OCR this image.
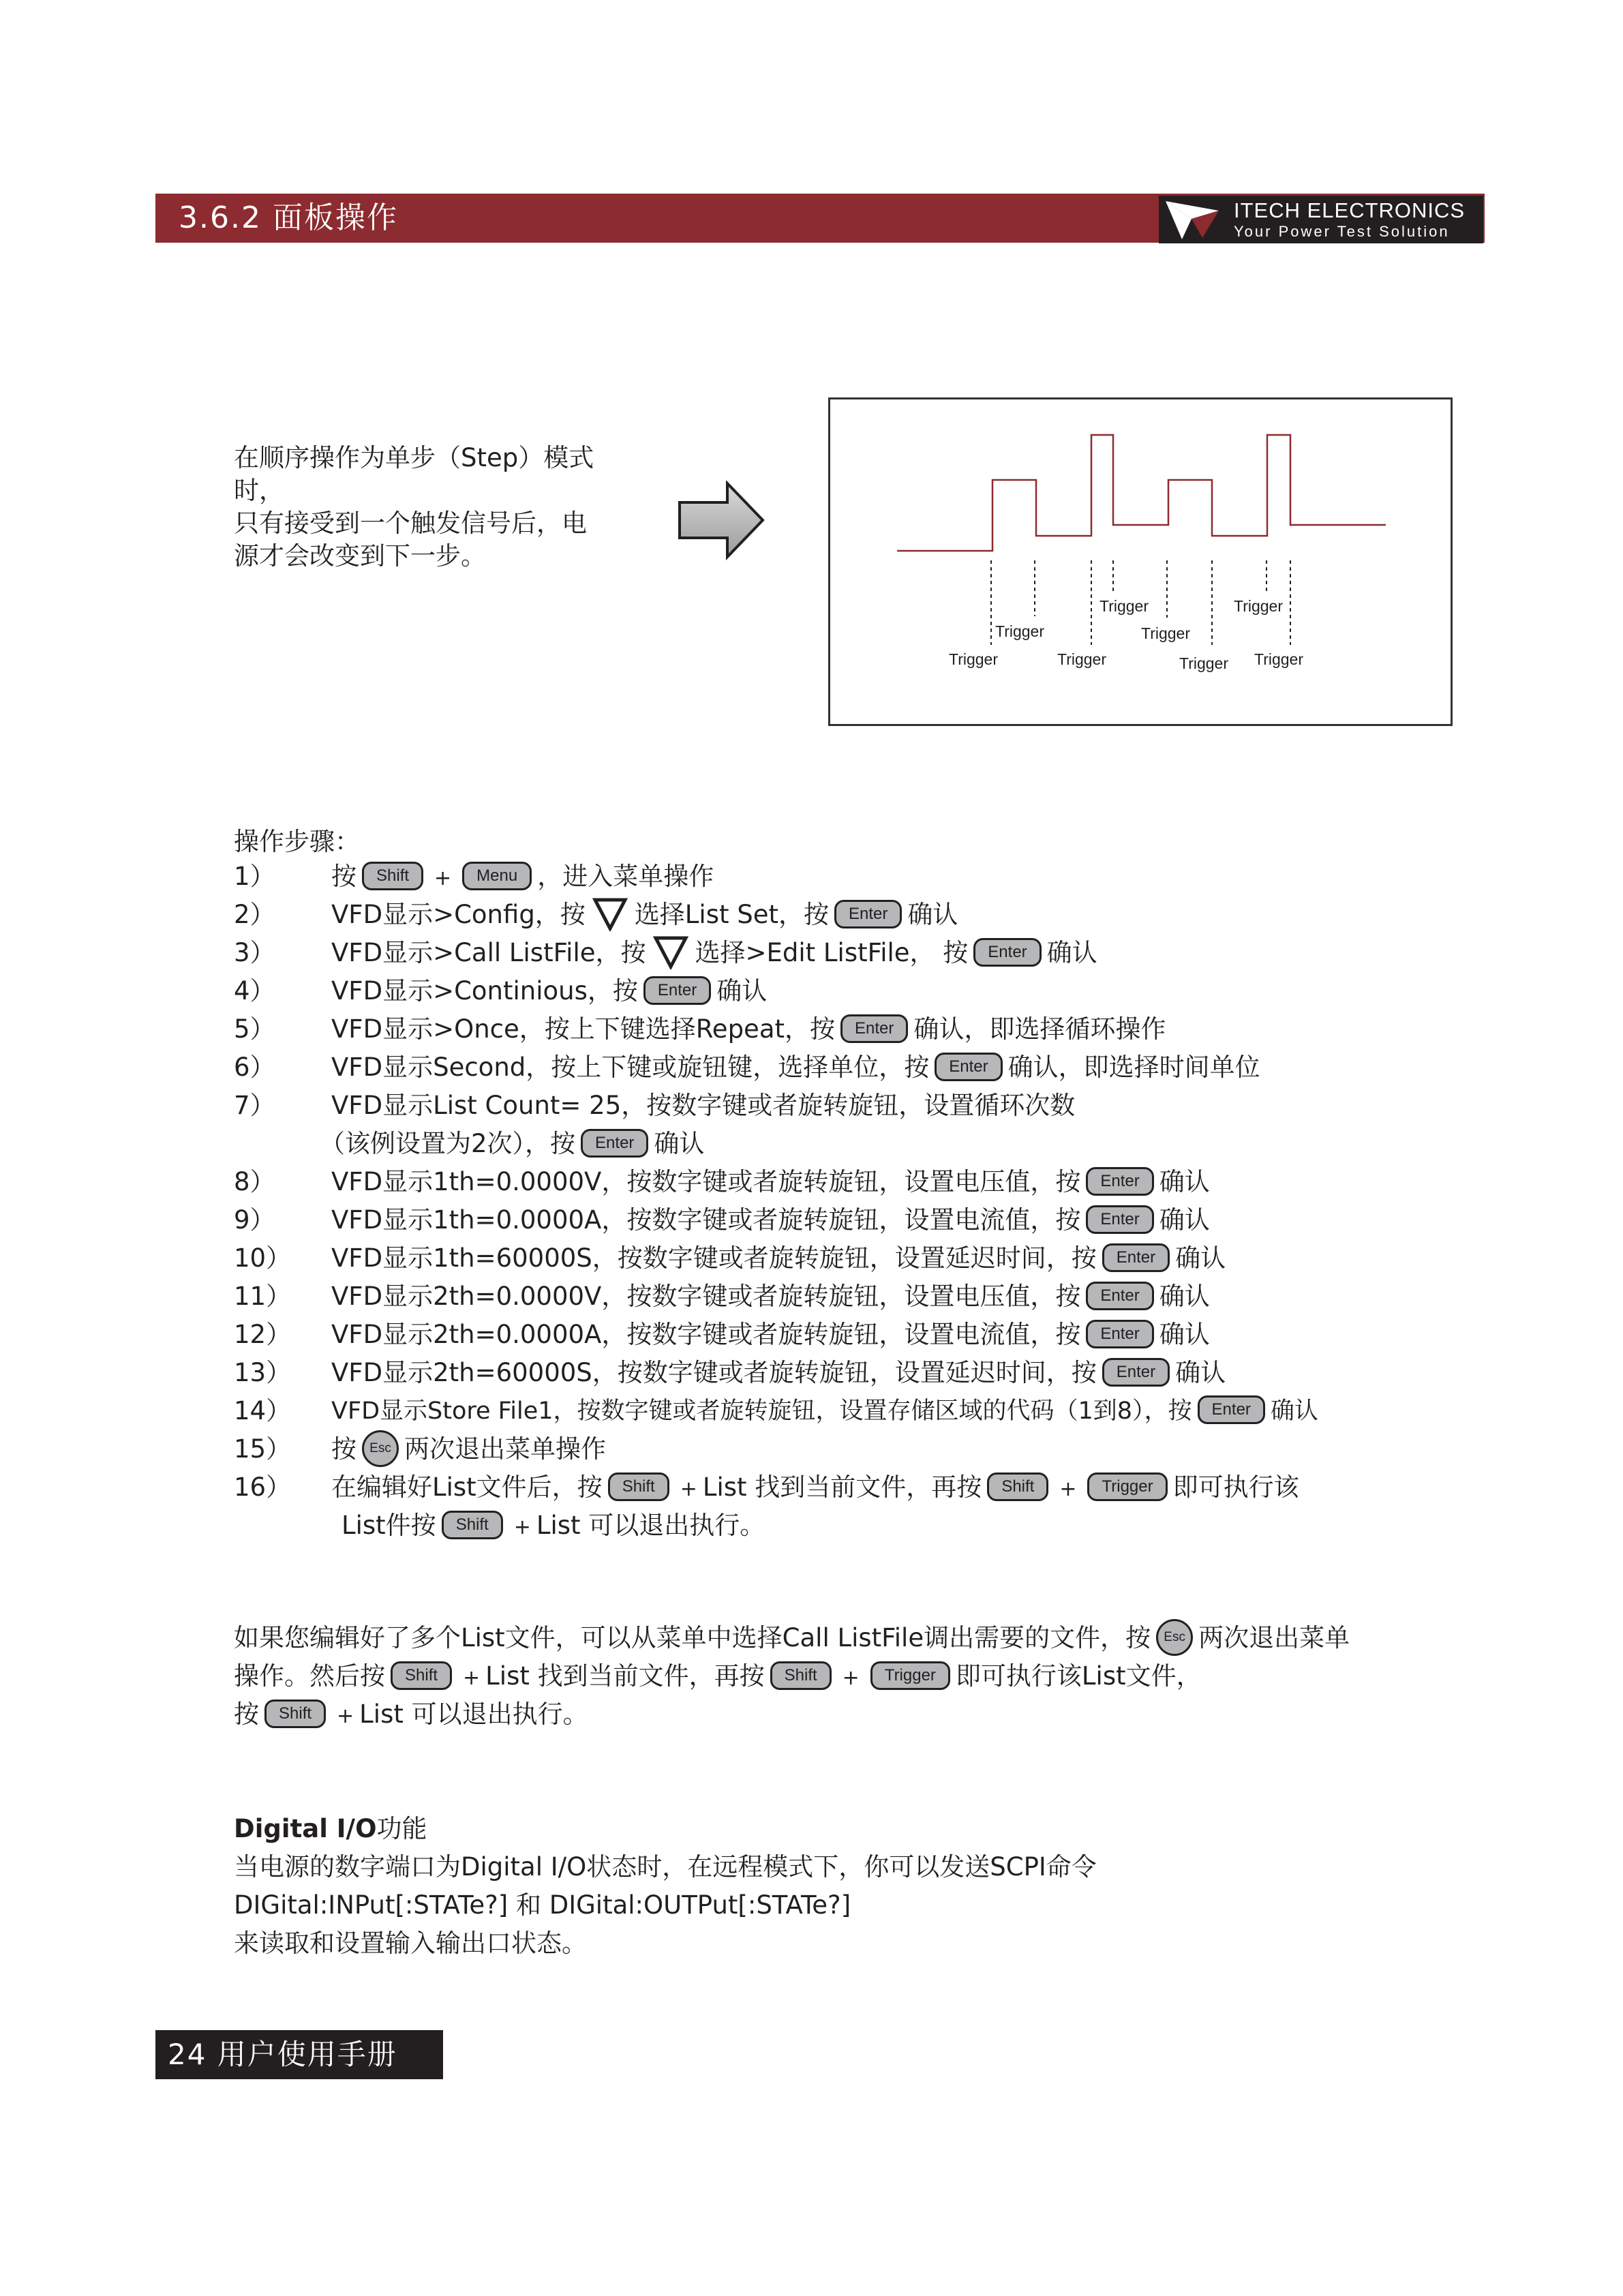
3.6.2 面板操作	ITECH ELECTRONICS
Your Power Test Solution
在顺序操作为单步（Step）模式
时，
只有接受到一个触发信号后，电
源才会改变到下一步。
Trigger
Trigger
Trigger
Trigger
Trigger	Trigger	Trigger Trigger
操作步骤：
1） 按 Shift + Menu ，进入菜单操作
2） VFD显示>Config，按 选择List Set，按 Enter 确认
3） VFD显示>Call ListFile，按 选择>Edit ListFile， 按 Enter 确认
4） VFD显示>Continious，按 Enter 确认
5） VFD显示>Once，按上下键选择Repeat，按 Enter 确认，即选择循环操作
6） VFD显示Second，按上下键或旋钮键，选择单位，按 Enter 确认，即选择时间单位
7） VFD显示List Count= 25，按数字键或者旋转旋钮，设置循环次数
（该例设置为2次），按 Enter 确认
8） VFD显示1th=0.0000V，按数字键或者旋转旋钮，设置电压值，按 Enter 确认
9） VFD显示1th=0.0000A，按数字键或者旋转旋钮，设置电流值，按 Enter 确认
10） VFD显示1th=60000S，按数字键或者旋转旋钮，设置延迟时间，按 Enter 确认
11） VFD显示2th=0.0000V，按数字键或者旋转旋钮，设置电压值，按 Enter 确认
12） VFD显示2th=0.0000A，按数字键或者旋转旋钮，设置电流值，按 Enter 确认
13） VFD显示2th=60000S，按数字键或者旋转旋钮，设置延迟时间，按 Enter 确认
14） VFD显示Store File1，按数字键或者旋转旋钮，设置存储区域的代码（1到8），按 Enter 确认
15） 按 Esc 两次退出菜单操作
16） 在编辑好List文件后，按 Shift + List 找到当前文件，再按 Shift + Trigger 即可执行该
List件按 Shift + List 可以退出执行。
如果您编辑好了多个List文件，可以从菜单中选择Call ListFile调出需要的文件，按 Esc 两次退出菜单
操作。然后按 Shift + List 找到当前文件，再按 Shift + Trigger 即可执行该List文件，
按 Shift + List 可以退出执行。
Digital I/O功能
当电源的数字端口为Digital I/O状态时，在远程模式下，你可以发送SCPI命令
DIGital:INPut[:STATe?] 和 DIGital:OUTPut[:STATe?]
来读取和设置输入输出口状态。
24 用户使用手册
